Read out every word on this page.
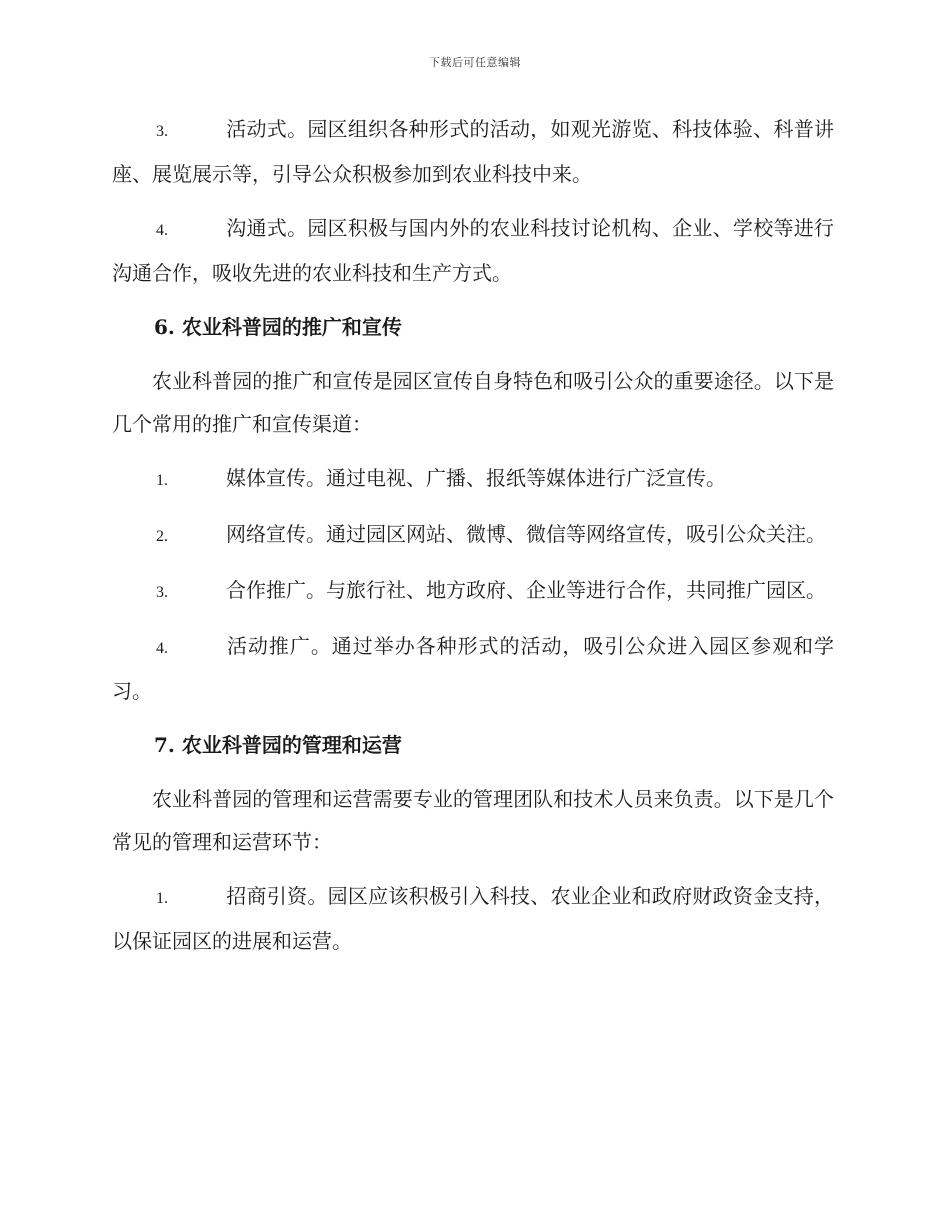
下载后可任意编辑
3.	活动式。园区组织各种形式的活动，如观光游览、科技体验、科普讲座、展览展示等，引导公众积极参加到农业科技中来。
4.	沟通式。园区积极与国内外的农业科技讨论机构、企业、学校等进行沟通合作，吸收先进的农业科技和生产方式。
6. 农业科普园的推广和宣传
农业科普园的推广和宣传是园区宣传自身特色和吸引公众的重要途径。以下是几个常用的推广和宣传渠道：
1.	媒体宣传。通过电视、广播、报纸等媒体进行广泛宣传。
2.	网络宣传。通过园区网站、微博、微信等网络宣传，吸引公众关注。
3.	合作推广。与旅行社、地方政府、企业等进行合作，共同推广园区。
4.	活动推广。通过举办各种形式的活动，吸引公众进入园区参观和学习。
7. 农业科普园的管理和运营
农业科普园的管理和运营需要专业的管理团队和技术人员来负责。以下是几个常见的管理和运营环节：
1.	招商引资。园区应该积极引入科技、农业企业和政府财政资金支持，以保证园区的进展和运营。
